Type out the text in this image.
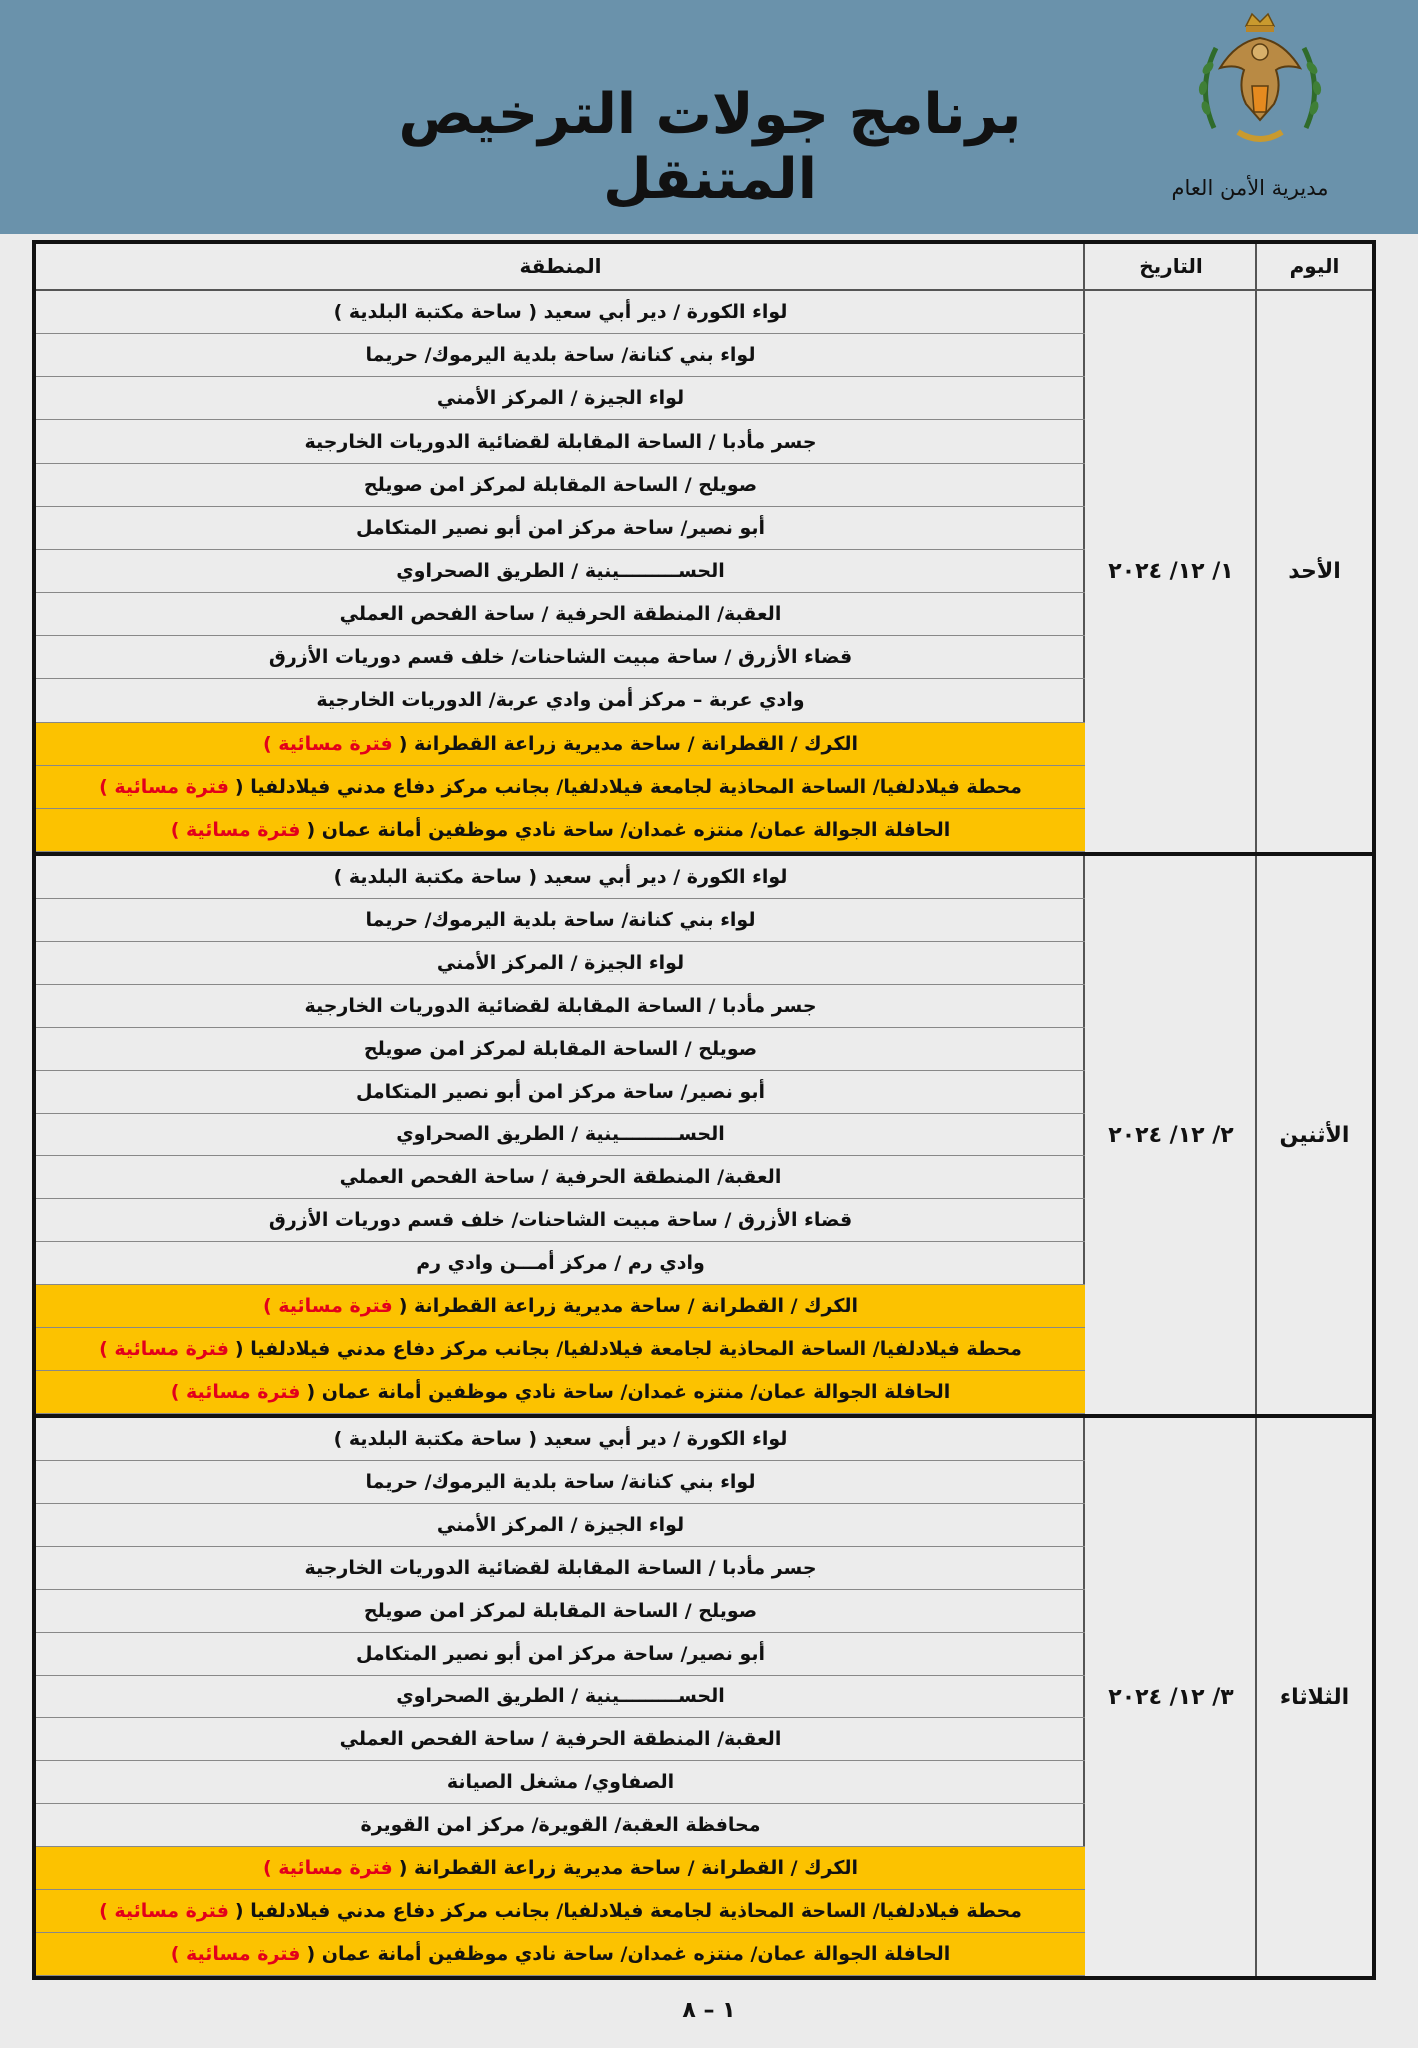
برنامج جولات الترخيص المتنقل	مديرية الأمن العام
اليوم
التاريخ
المنطقة
الأحد
١/ ١٢/ ٢٠٢٤
لواء الكورة / دير أبي سعيد ( ساحة مكتبة البلدية )
لواء بني كنانة/ ساحة بلدية اليرموك/ حريما
لواء الجيزة / المركز الأمني
جسر مأدبا / الساحة المقابلة لقضائية الدوريات الخارجية
صويلح / الساحة المقابلة لمركز امن صويلح
أبو نصير/ ساحة مركز امن أبو نصير المتكامل
الحســـــــــينية / الطريق الصحراوي
العقبة/ المنطقة الحرفية / ساحة الفحص العملي
قضاء الأزرق / ساحة مبيت الشاحنات/ خلف قسم دوريات الأزرق
وادي عربة – مركز أمن وادي عربة/ الدوريات الخارجية
الكرك / القطرانة / ساحة مديرية زراعة القطرانة (
فترة مسائية )
محطة فيلادلفيا/ الساحة المحاذية لجامعة فيلادلفيا/ بجانب مركز دفاع مدني فيلادلفيا (
فترة مسائية )
الحافلة الجوالة عمان/ منتزه غمدان/ ساحة نادي موظفين أمانة عمان (
فترة مسائية )
الأثنين
٢/ ١٢/ ٢٠٢٤
لواء الكورة / دير أبي سعيد ( ساحة مكتبة البلدية )
لواء بني كنانة/ ساحة بلدية اليرموك/ حريما
لواء الجيزة / المركز الأمني
جسر مأدبا / الساحة المقابلة لقضائية الدوريات الخارجية
صويلح / الساحة المقابلة لمركز امن صويلح
أبو نصير/ ساحة مركز امن أبو نصير المتكامل
الحســـــــــينية / الطريق الصحراوي
العقبة/ المنطقة الحرفية / ساحة الفحص العملي
قضاء الأزرق / ساحة مبيت الشاحنات/ خلف قسم دوريات الأزرق
وادي رم / مركز أمـــن وادي رم
الكرك / القطرانة / ساحة مديرية زراعة القطرانة (
فترة مسائية )
محطة فيلادلفيا/ الساحة المحاذية لجامعة فيلادلفيا/ بجانب مركز دفاع مدني فيلادلفيا (
فترة مسائية )
الحافلة الجوالة عمان/ منتزه غمدان/ ساحة نادي موظفين أمانة عمان (
فترة مسائية )
الثلاثاء
٣/ ١٢/ ٢٠٢٤
لواء الكورة / دير أبي سعيد ( ساحة مكتبة البلدية )
لواء بني كنانة/ ساحة بلدية اليرموك/ حريما
لواء الجيزة / المركز الأمني
جسر مأدبا / الساحة المقابلة لقضائية الدوريات الخارجية
صويلح / الساحة المقابلة لمركز امن صويلح
أبو نصير/ ساحة مركز امن أبو نصير المتكامل
الحســـــــــينية / الطريق الصحراوي
العقبة/ المنطقة الحرفية / ساحة الفحص العملي
الصفاوي/ مشغل الصيانة
محافظة العقبة/ القويرة/ مركز امن القويرة
الكرك / القطرانة / ساحة مديرية زراعة القطرانة (
فترة مسائية )
محطة فيلادلفيا/ الساحة المحاذية لجامعة فيلادلفيا/ بجانب مركز دفاع مدني فيلادلفيا (
فترة مسائية )
الحافلة الجوالة عمان/ منتزه غمدان/ ساحة نادي موظفين أمانة عمان (
فترة مسائية )
١ – ٨
